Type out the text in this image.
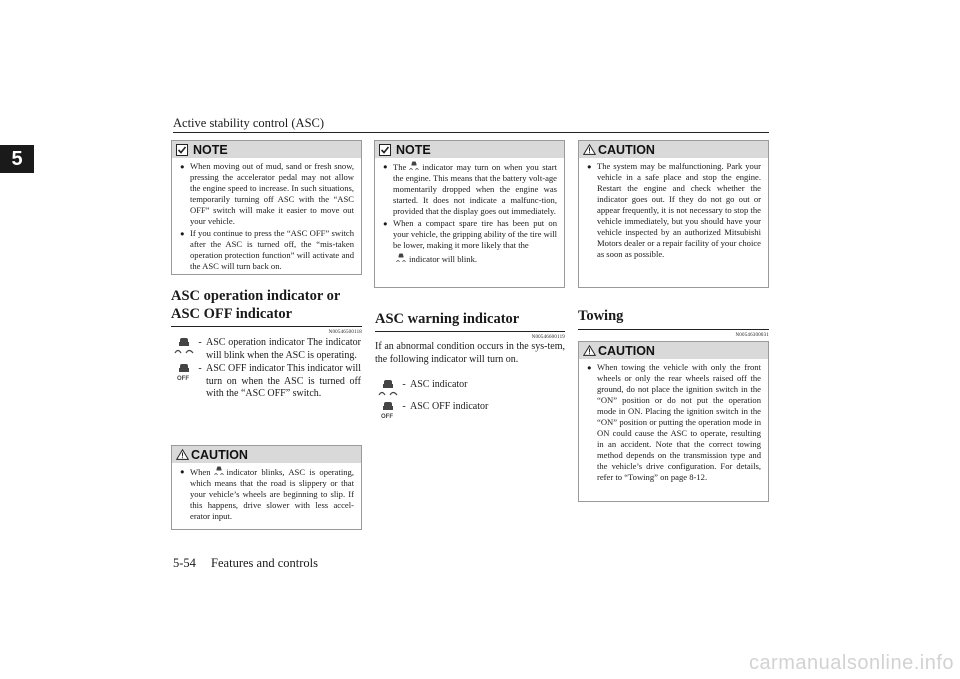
Active stability control (ASC)
5	NOTE
● When moving out of mud, sand or fresh snow, pressing the accelerator pedal may not allow the engine speed to increase. In such situations, temporarily turning off ASC with the “ASC OFF” switch will make it easier to move out your vehicle.
● If you continue to press the “ASC OFF” switch after the ASC is turned off, the “mis-taken operation protection function” will activate and the ASC will turn back on.
ASC operation indicator or ASC OFF indicator
N00546500118
- ASC operation indicator The indicator will blink when the ASC is operating.
OFF
- ASC OFF indicator This indicator will turn on when the ASC is turned off with the “ASC OFF” switch.
CAUTION
● When indicator blinks, ASC is operating, which means that the road is slippery or that your vehicle’s wheels are beginning to slip. If this happens, drive slower with less accel-erator input.
NOTE
● The indicator may turn on when you start the engine. This means that the battery volt-age momentarily dropped when the engine was started. It does not indicate a malfunc-tion, provided that the display goes out immediately.
● When a compact spare tire has been put on your vehicle, the gripping ability of the tire will be lower, making it more likely that the
indicator will blink.
ASC warning indicator
N00546600119
If an abnormal condition occurs in the sys-tem, the following indicator will turn on.
- ASC indicator
OFF
- ASC OFF indicator
CAUTION
● The system may be malfunctioning. Park your vehicle in a safe place and stop the engine. Restart the engine and check whether the indicator goes out. If they do not go out or appear frequently, it is not necessary to stop the vehicle immediately, but you should have your vehicle inspected by an authorized Mitsubishi Motors dealer or a repair facility of your choice as soon as possible.
Towing
N00546300031
CAUTION
● When towing the vehicle with only the front wheels or only the rear wheels raised off the ground, do not place the ignition switch in the “ON” position or do not put the operation mode in ON. Placing the ignition switch in the “ON” position or putting the operation mode in ON could cause the ASC to operate, resulting in an accident. Note that the correct towing method depends on the transmission type and the vehicle’s drive configuration. For details, refer to “Towing” on page 8-12.
5-54 Features and controls
carmanualsonline.info
